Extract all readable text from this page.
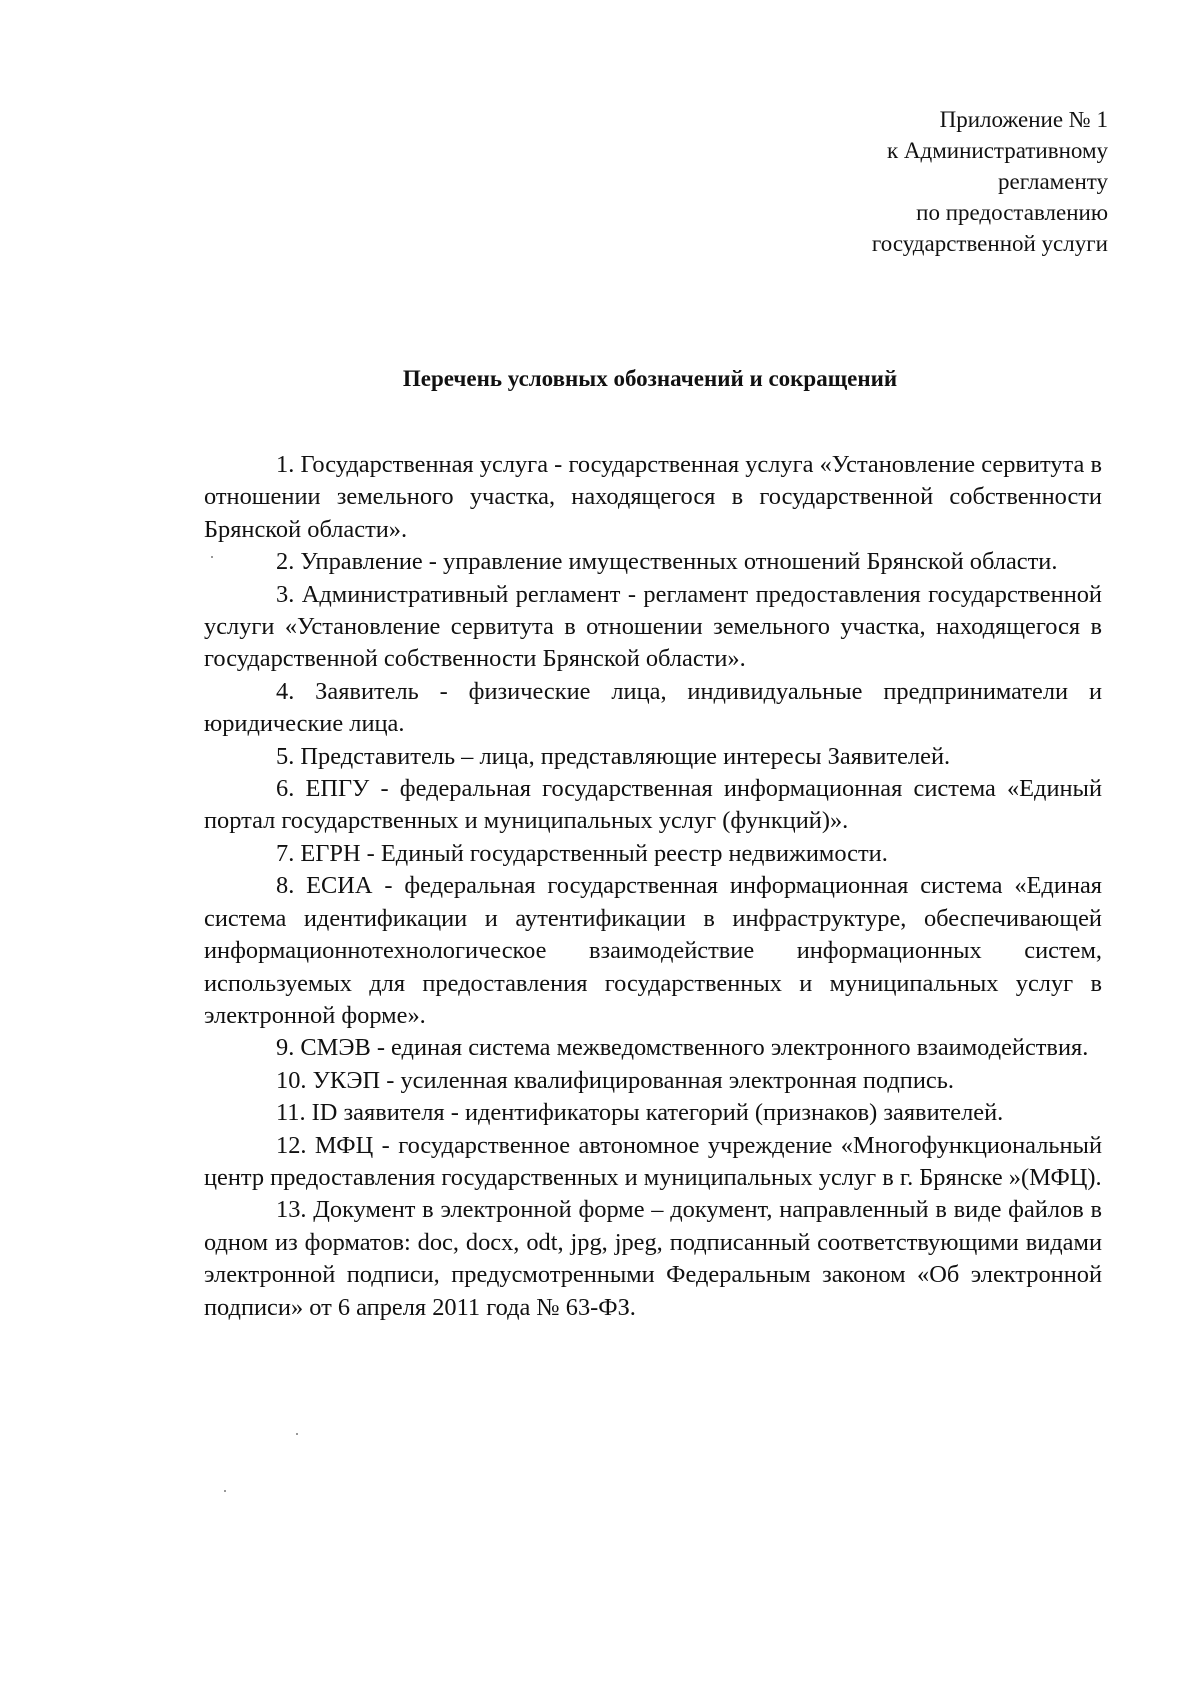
Приложение № 1
к Административному
регламенту
по предоставлению
государственной услуги
Перечень условных обозначений и сокращений

1. Государственная услуга - государственная услуга «Установление сервитута в отношении земельного участка, находящегося в государственной собственности Брянской области».

2. Управление - управление имущественных отношений Брянской области.

3. Административный регламент - регламент предоставления государственной услуги «Установление сервитута в отношении земельного участка, находящегося в государственной собственности Брянской области».

4. Заявитель - физические лица, индивидуальные предприниматели и юридические лица.

5. Представитель – лица, представляющие интересы Заявителей.

6. ЕПГУ - федеральная государственная информационная система «Единый портал государственных и муниципальных услуг (функций)».

7. ЕГРН - Единый государственный реестр недвижимости.

8. ЕСИА - федеральная государственная информационная система «Единая система идентификации и аутентификации в инфраструктуре, обеспечивающей информационнотехнологическое взаимодействие информационных систем, используемых для предоставления государственных и муниципальных услуг в электронной форме».

9. СМЭВ - единая система межведомственного электронного взаимодействия.

10. УКЭП - усиленная квалифицированная электронная подпись.

11. ID заявителя - идентификаторы категорий (признаков) заявителей.

12. МФЦ - государственное автономное учреждение «Многофункциональный центр предоставления государственных и муниципальных услуг в г. Брянске »(МФЦ).

13. Документ в электронной форме – документ, направленный в виде файлов в одном из форматов: doc, docx, odt, jpg, jpeg, подписанный соответствующими видами электронной подписи, предусмотренными Федеральным законом «Об электронной подписи» от 6 апреля 2011 года № 63-ФЗ.
